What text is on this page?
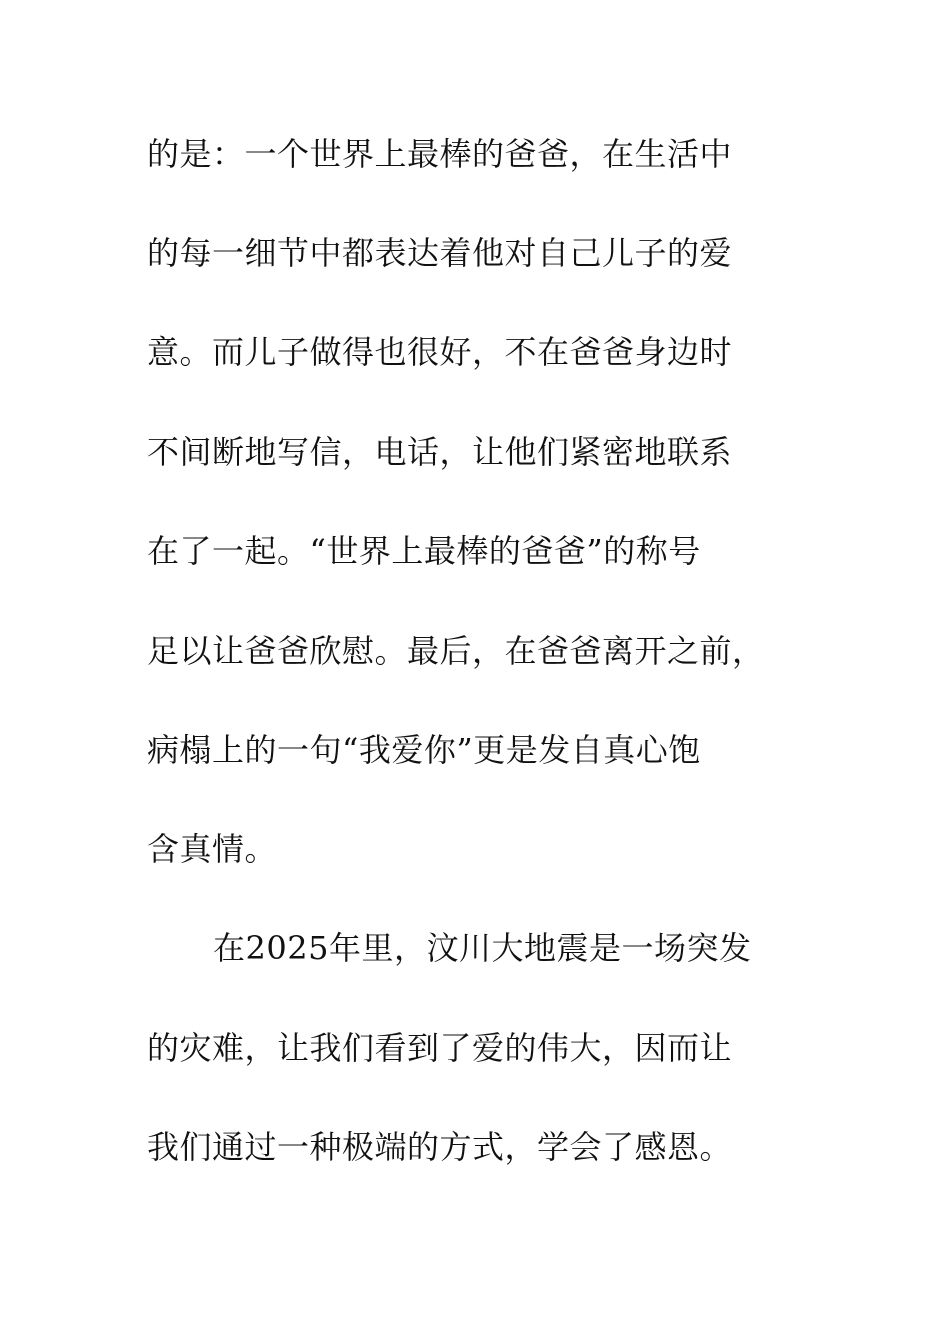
的是：一个世界上最棒的爸爸，在生活中
的每一细节中都表达着他对自己儿子的爱
意。而儿子做得也很好，不在爸爸身边时
不间断地写信，电话，让他们紧密地联系
在了一起。“世界上最棒的爸爸”的称号
足以让爸爸欣慰。最后，在爸爸离开之前，
病榻上的一句“我爱你”更是发自真心饱
含真情。
在2025年里，汶川大地震是一场突发
的灾难，让我们看到了爱的伟大，因而让
我们通过一种极端的方式，学会了感恩。
